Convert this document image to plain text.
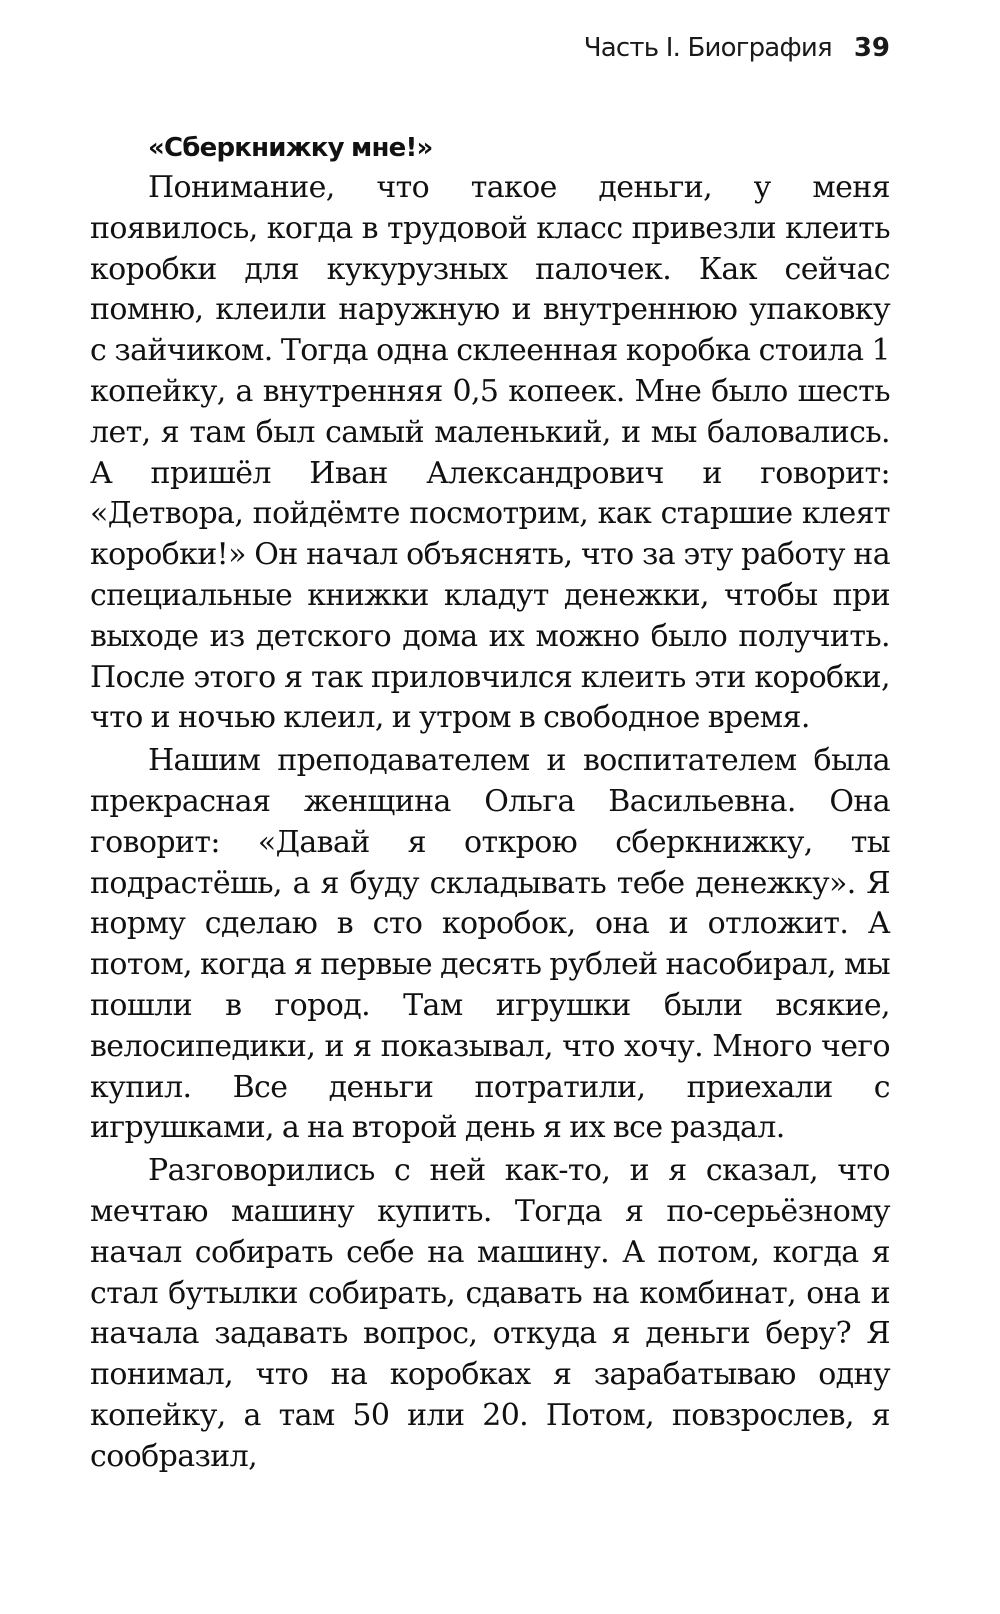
Часть I. Биография 39
«Сберкнижку мне!»

Понимание, что такое деньги, у меня появилось, когда в трудовой класс привезли клеить коробки для кукурузных палочек. Как сейчас помню, клеили наружную и внутреннюю упаковку с зайчиком. Тогда одна склеенная коробка стоила 1 копейку, а внутренняя 0,5 копеек. Мне было шесть лет, я там был самый маленький, и мы баловались. А пришёл Иван Александрович и говорит: «Детвора, пойдёмте посмотрим, как старшие клеят коробки!» Он начал объяснять, что за эту работу на специальные книжки кладут денежки, чтобы при выходе из детского дома их можно было получить. После этого я так приловчился клеить эти коробки, что и ночью клеил, и утром в свободное время.

Нашим преподавателем и воспитателем была прекрасная женщина Ольга Васильевна. Она говорит: «Давай я открою сберкнижку, ты подрастёшь, а я буду складывать тебе денежку». Я норму сделаю в сто коробок, она и отложит. А потом, когда я первые десять рублей насобирал, мы пошли в город. Там игрушки были всякие, велосипедики, и я показывал, что хочу. Много чего купил. Все деньги потратили, приехали с игрушками, а на второй день я их все раздал.

Разговорились с ней как-то, и я сказал, что мечтаю машину купить. Тогда я по-серьёзному начал собирать себе на машину. А потом, когда я стал бутылки собирать, сдавать на комбинат, она и начала задавать вопрос, откуда я деньги беру? Я понимал, что на коробках я зарабатываю одну копейку, а там 50 или 20. Потом, повзрослев, я сообразил,
